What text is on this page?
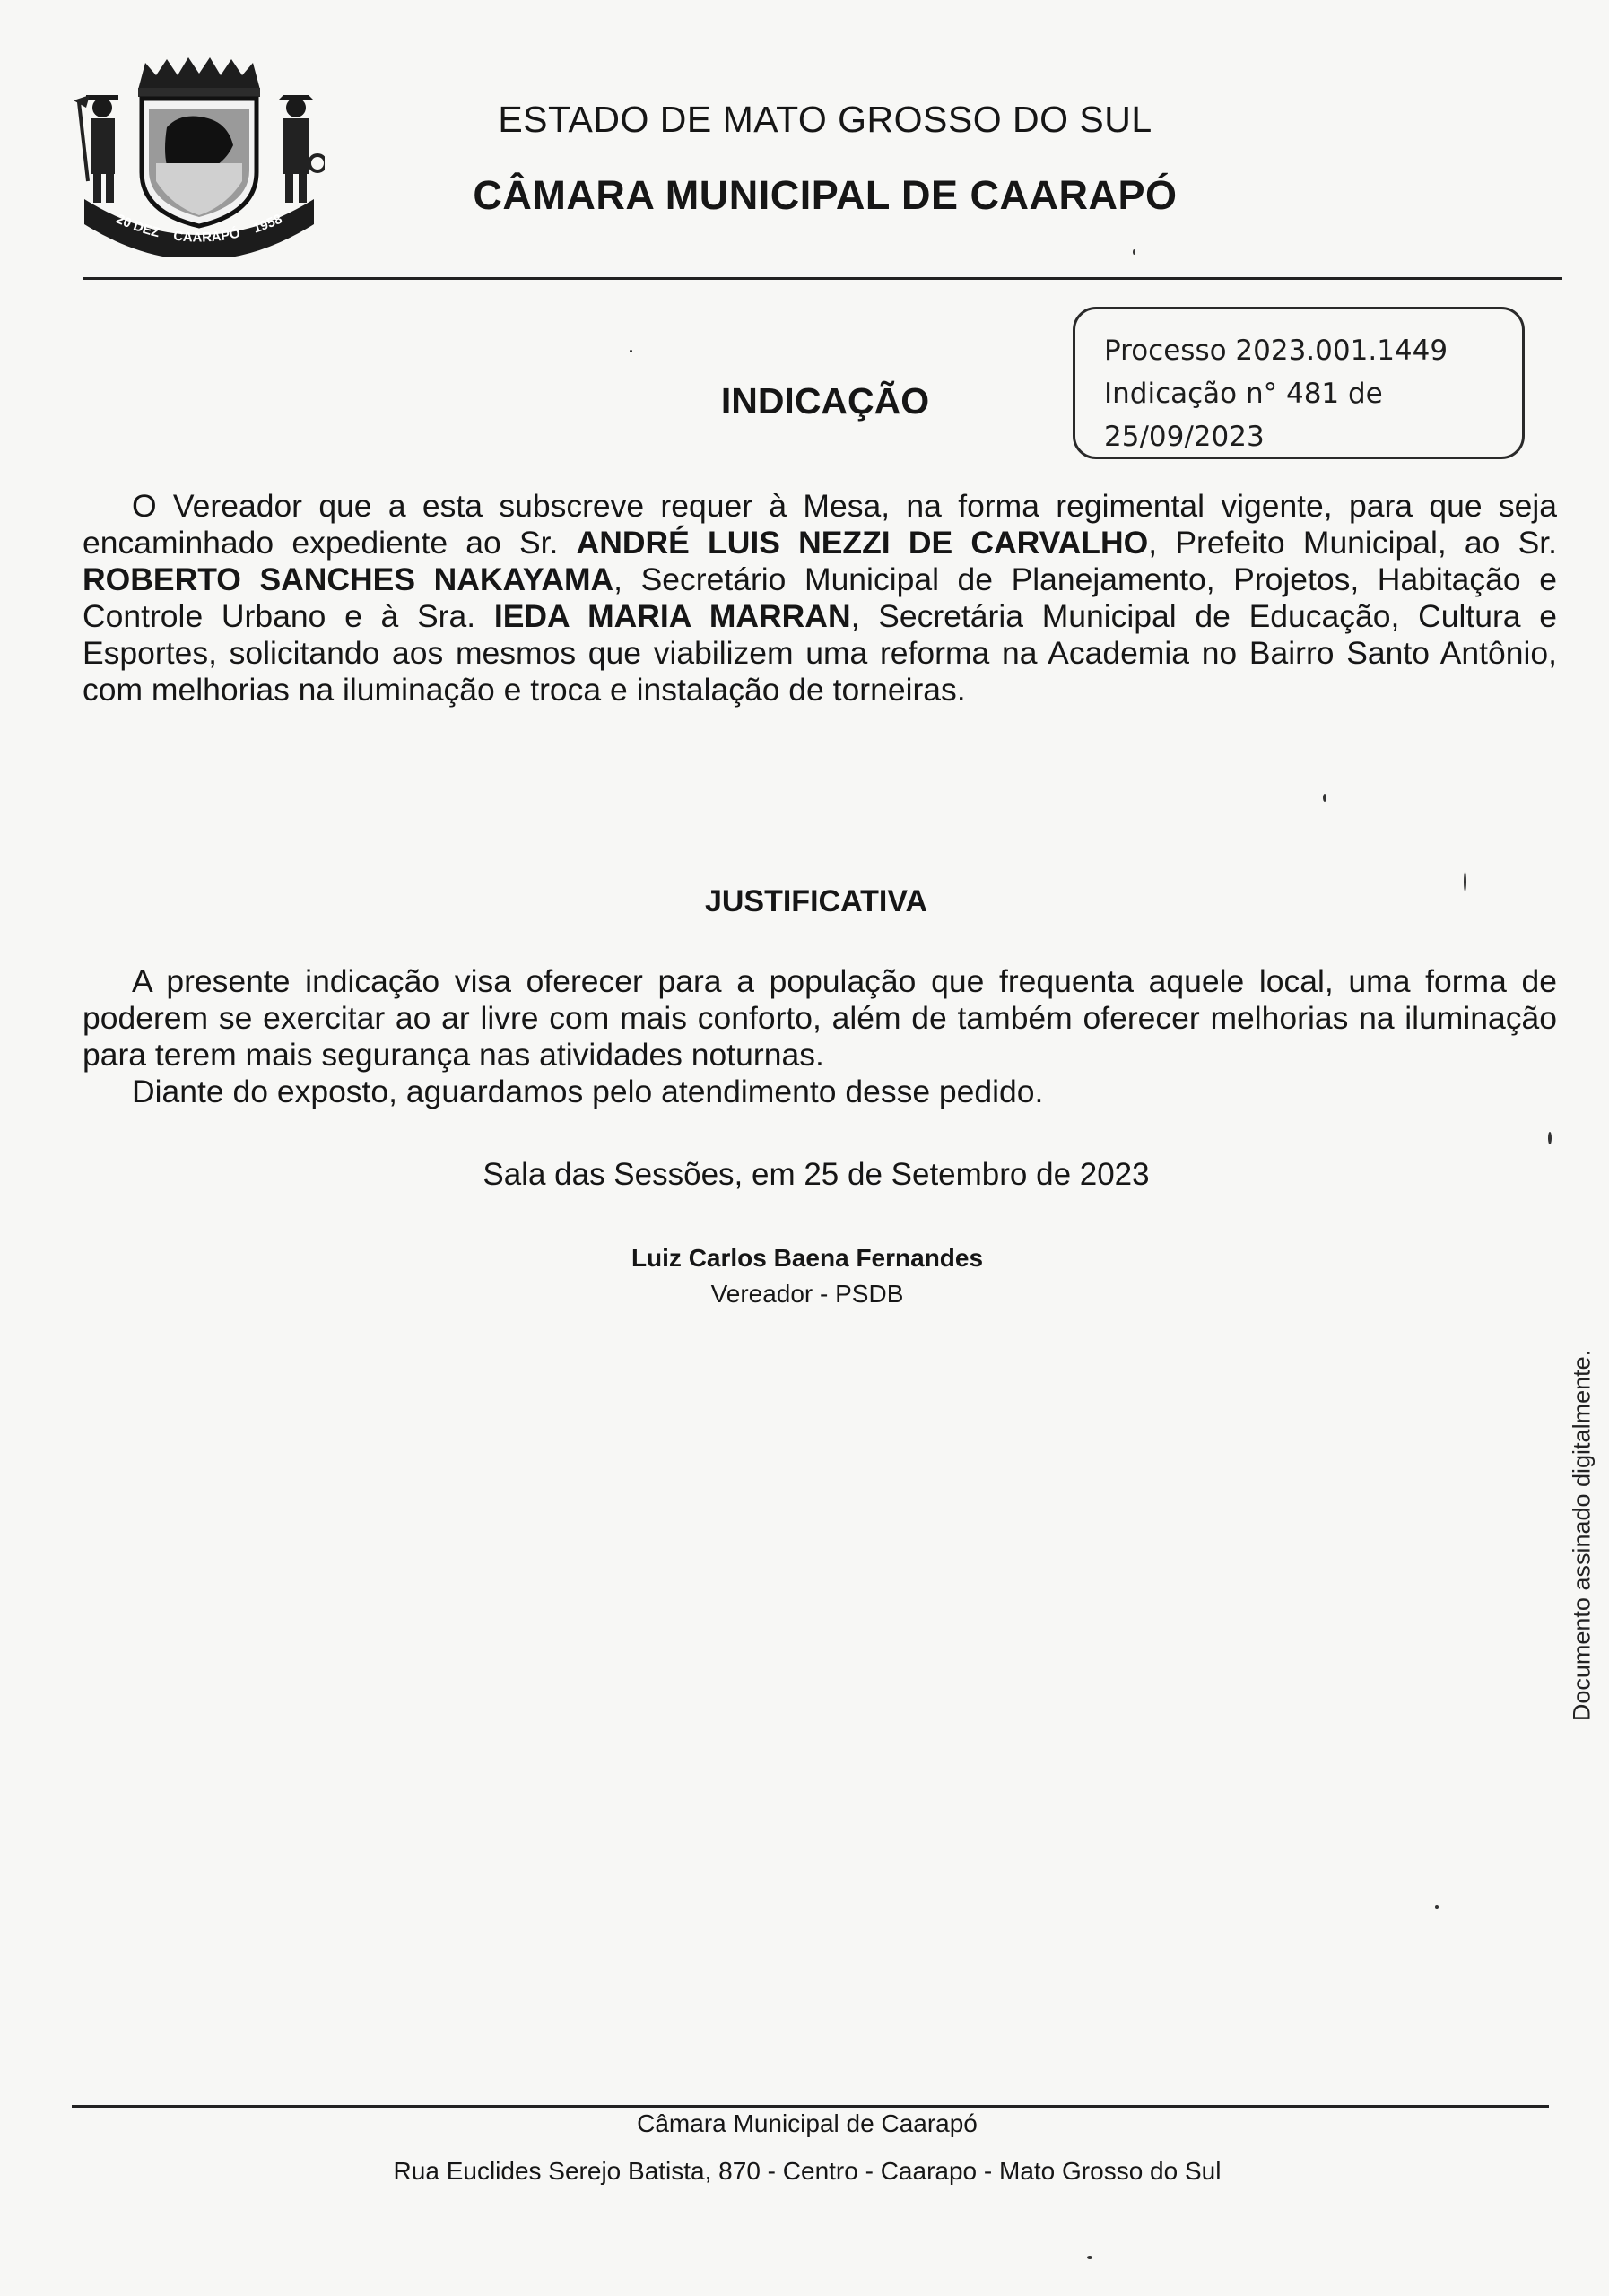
20 DEZ    CAARAPÓ    1958
ESTADO DE MATO GROSSO DO SUL
CÂMARA MUNICIPAL DE CAARAPÓ
Processo 2023.001.1449
Indicação n° 481 de
25/09/2023
INDICAÇÃO

O Vereador que a esta subscreve requer à Mesa, na forma regimental vigente, para que seja encaminhado expediente ao Sr. ANDRÉ LUIS NEZZI DE CARVALHO, Prefeito Municipal, ao Sr. ROBERTO SANCHES NAKAYAMA, Secretário Municipal de Planejamento, Projetos, Habitação e Controle Urbano e à Sra. IEDA MARIA MARRAN, Secretária Municipal de Educação, Cultura e Esportes, solicitando aos mesmos que viabilizem uma reforma na Academia no Bairro Santo Antônio, com melhorias na iluminação e troca e instalação de torneiras.

JUSTIFICATIVA

A presente indicação visa oferecer para a população que frequenta aquele local, uma forma de poderem se exercitar ao ar livre com mais conforto, além de também oferecer melhorias na iluminação para terem mais segurança nas atividades noturnas.

Diante do exposto, aguardamos pelo atendimento desse pedido.

Sala das Sessões, em 25 de Setembro de 2023
Luiz Carlos Baena Fernandes
Vereador - PSDB
Documento assinado digitalmente.
Câmara Municipal de Caarapó
Rua Euclides Serejo Batista, 870 - Centro - Caarapo - Mato Grosso do Sul
